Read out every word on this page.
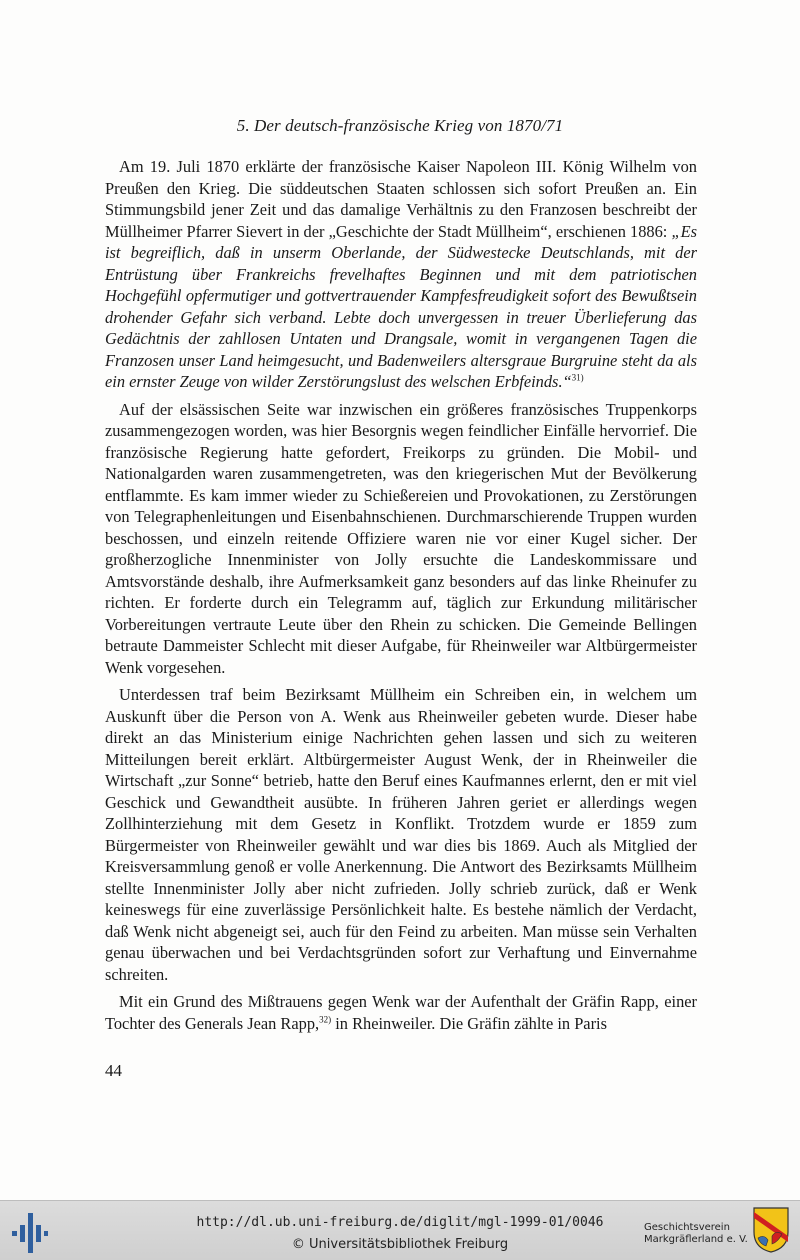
5. Der deutsch-französische Krieg von 1870/71

Am 19. Juli 1870 erklärte der französische Kaiser Napoleon III. König Wilhelm von Preußen den Krieg. Die süddeutschen Staaten schlossen sich sofort Preußen an. Ein Stimmungsbild jener Zeit und das damalige Verhältnis zu den Franzosen beschreibt der Müllheimer Pfarrer Sievert in der „Geschichte der Stadt Müllheim“, erschienen 1886: „Es ist begreiflich, daß in unserm Oberlande, der Südwestecke Deutschlands, mit der Entrüstung über Frankreichs frevelhaftes Beginnen und mit dem patriotischen Hochgefühl opfermutiger und gottvertrauender Kampfesfreudigkeit sofort des Bewußtsein drohender Gefahr sich verband. Lebte doch unvergessen in treuer Überlieferung das Gedächtnis der zahllosen Untaten und Drangsale, womit in vergangenen Tagen die Franzosen unser Land heimgesucht, und Badenweilers altersgraue Burgruine steht da als ein ernster Zeuge von wilder Zerstörungslust des welschen Erbfeinds.“$^{31)}$

Auf der elsässischen Seite war inzwischen ein größeres französisches Truppenkorps zusammengezogen worden, was hier Besorgnis wegen feindlicher Einfälle hervorrief. Die französische Regierung hatte gefordert, Freikorps zu gründen. Die Mobil- und Nationalgarden waren zusammengetreten, was den kriegerischen Mut der Bevölkerung entflammte. Es kam immer wieder zu Schießereien und Provokationen, zu Zerstörungen von Telegraphenleitungen und Eisenbahnschienen. Durchmarschierende Truppen wurden beschossen, und einzeln reitende Offiziere waren nie vor einer Kugel sicher. Der großherzogliche Innenminister von Jolly ersuchte die Landeskommissare und Amtsvorstände deshalb, ihre Aufmerksamkeit ganz besonders auf das linke Rheinufer zu richten. Er forderte durch ein Telegramm auf, täglich zur Erkundung militärischer Vorbereitungen vertraute Leute über den Rhein zu schicken. Die Gemeinde Bellingen betraute Dammeister Schlecht mit dieser Aufgabe, für Rheinweiler war Altbürgermeister Wenk vorgesehen.

Unterdessen traf beim Bezirksamt Müllheim ein Schreiben ein, in welchem um Auskunft über die Person von A. Wenk aus Rheinweiler gebeten wurde. Dieser habe direkt an das Ministerium einige Nachrichten gehen lassen und sich zu weiteren Mitteilungen bereit erklärt. Altbürgermeister August Wenk, der in Rheinweiler die Wirtschaft „zur Sonne“ betrieb, hatte den Beruf eines Kaufmannes erlernt, den er mit viel Geschick und Gewandtheit ausübte. In früheren Jahren geriet er allerdings wegen Zollhinterziehung mit dem Gesetz in Konflikt. Trotzdem wurde er 1859 zum Bürgermeister von Rheinweiler gewählt und war dies bis 1869. Auch als Mitglied der Kreisversammlung genoß er volle Anerkennung. Die Antwort des Bezirksamts Müllheim stellte Innenminister Jolly aber nicht zufrieden. Jolly schrieb zurück, daß er Wenk keineswegs für eine zuverlässige Persönlichkeit halte. Es bestehe nämlich der Verdacht, daß Wenk nicht abgeneigt sei, auch für den Feind zu arbeiten. Man müsse sein Verhalten genau überwachen und bei Verdachtsgründen sofort zur Verhaftung und Einvernahme schreiten.

Mit ein Grund des Mißtrauens gegen Wenk war der Aufenthalt der Gräfin Rapp, einer Tochter des Generals Jean Rapp,$^{32)}$ in Rheinweiler. Die Gräfin zählte in Paris

44
http://dl.ub.uni-freiburg.de/diglit/mgl-1999-01/0046
© Universitätsbibliothek Freiburg
Geschichtsverein
Markgräflerland e. V.
